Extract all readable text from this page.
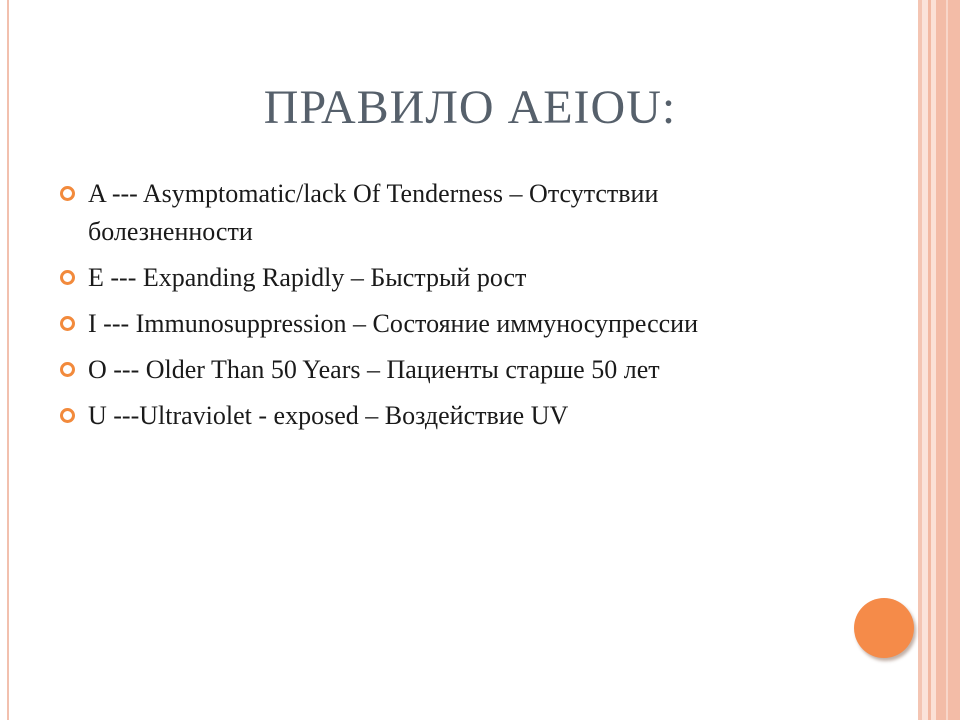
ПРАВИЛО AEIOU:
A --- Asymptomatic/lack Of Tenderness – Отсутствии болезненности
E --- Expanding Rapidly – Быстрый рост
I --- Immunosuppression – Состояние иммуносупрессии
O --- Older Than 50 Years – Пациенты старше 50 лет
U ---Ultraviolet - exposed – Воздействие UV
